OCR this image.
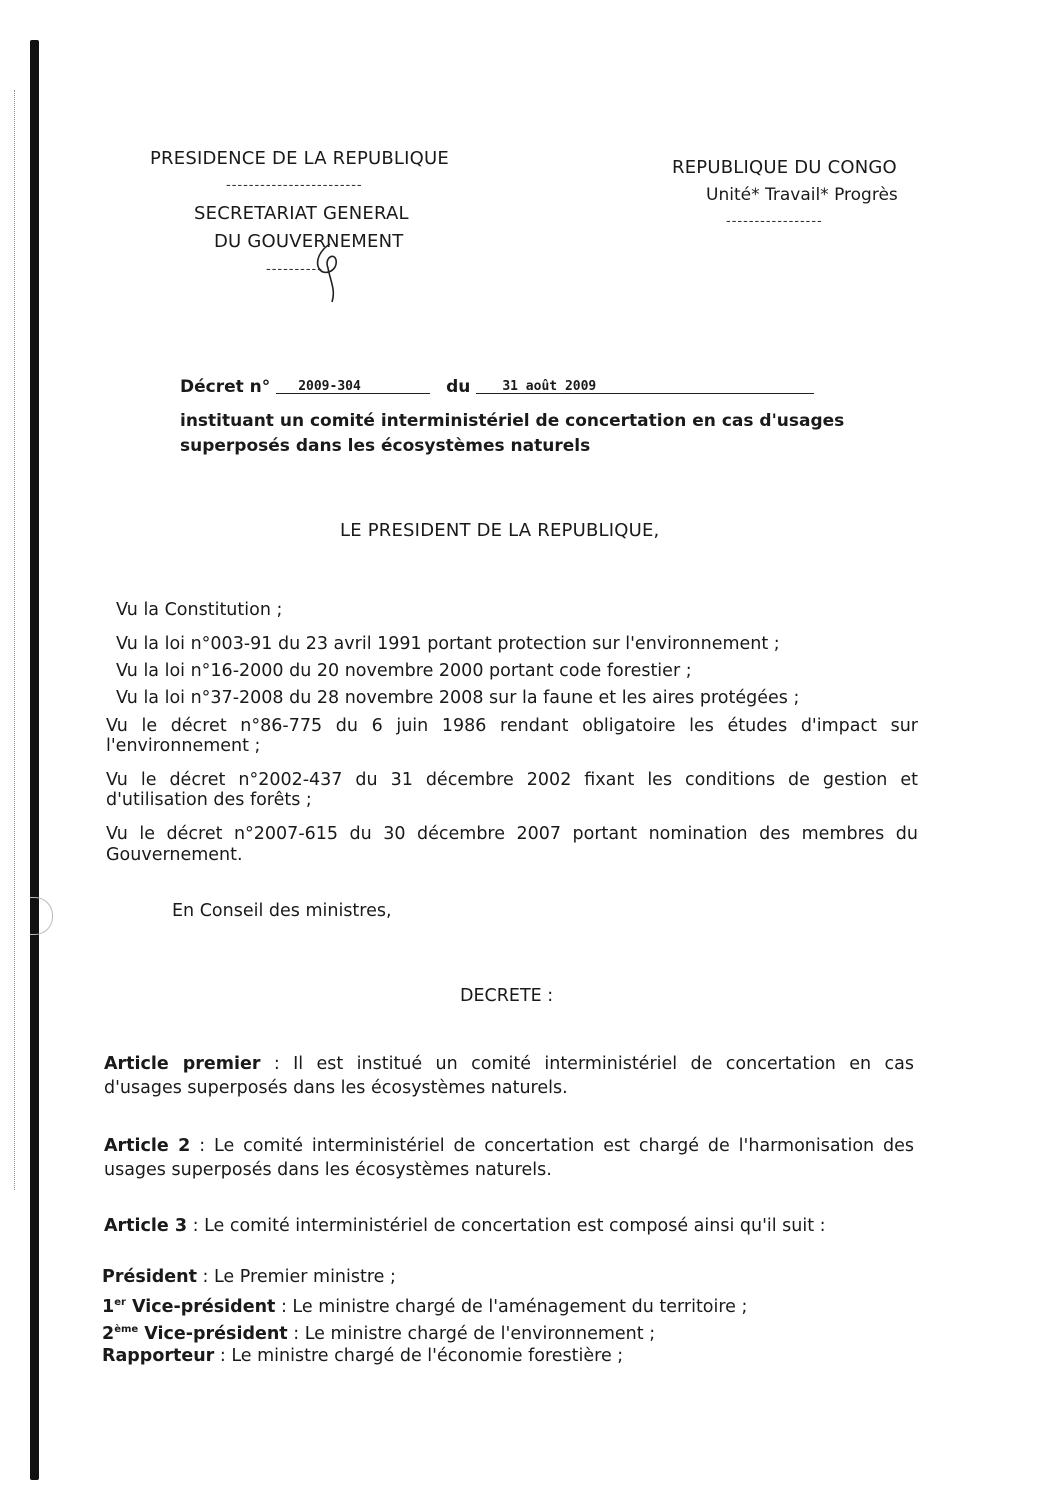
PRESIDENCE DE LA REPUBLIQUE
------------------------
SECRETARIAT GENERAL
DU GOUVERNEMENT
----------
REPUBLIQUE DU CONGO
Unité* Travail* Progrès
-----------------
Décret n° 2009-304	du 31 août 2009
instituant un comité interministériel de concertation en cas d'usages
superposés dans les écosystèmes naturels
LE PRESIDENT DE LA REPUBLIQUE,
Vu la Constitution ;
Vu la loi n°003-91 du 23 avril 1991 portant protection sur l'environnement ;
Vu la loi n°16-2000 du 20 novembre 2000 portant code forestier ;
Vu la loi n°37-2008 du 28 novembre 2008 sur la faune et les aires protégées ;
Vu le décret n°86-775 du 6 juin 1986 rendant obligatoire les études d'impact sur
l'environnement ;
Vu le décret n°2002-437 du 31 décembre 2002 fixant les conditions de gestion et
d'utilisation des forêts ;
Vu le décret n°2007-615 du 30 décembre 2007 portant nomination des membres du
Gouvernement.
En Conseil des ministres,
DECRETE :
Article premier : Il est institué un comité interministériel de concertation en cas
d'usages superposés dans les écosystèmes naturels.
Article 2 : Le comité interministériel de concertation est chargé de l'harmonisation des
usages superposés dans les écosystèmes naturels.
Article 3 : Le comité interministériel de concertation est composé ainsi qu'il suit :
Président : Le Premier ministre ;
1er Vice-président : Le ministre chargé de l'aménagement du territoire ;
2ème Vice-président : Le ministre chargé de l'environnement ;
Rapporteur : Le ministre chargé de l'économie forestière ;
